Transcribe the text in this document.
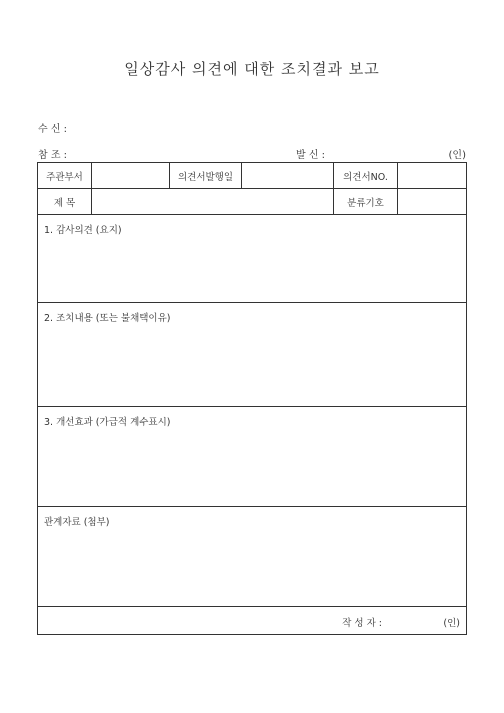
일상감사 의견에 대한 조치결과 보고
수 신 :
참 조 :	발 신 :	(인)
주관부서		의견서발행일		의견서NO.	
제 목				분류기호	
1. 감사의견 (요지)					
2. 조치내용 (또는 불채택이유)					
3. 개선효과 (가급적 계수표시)					
관계자료 (첨부)					

작 성 자 : (인)					
